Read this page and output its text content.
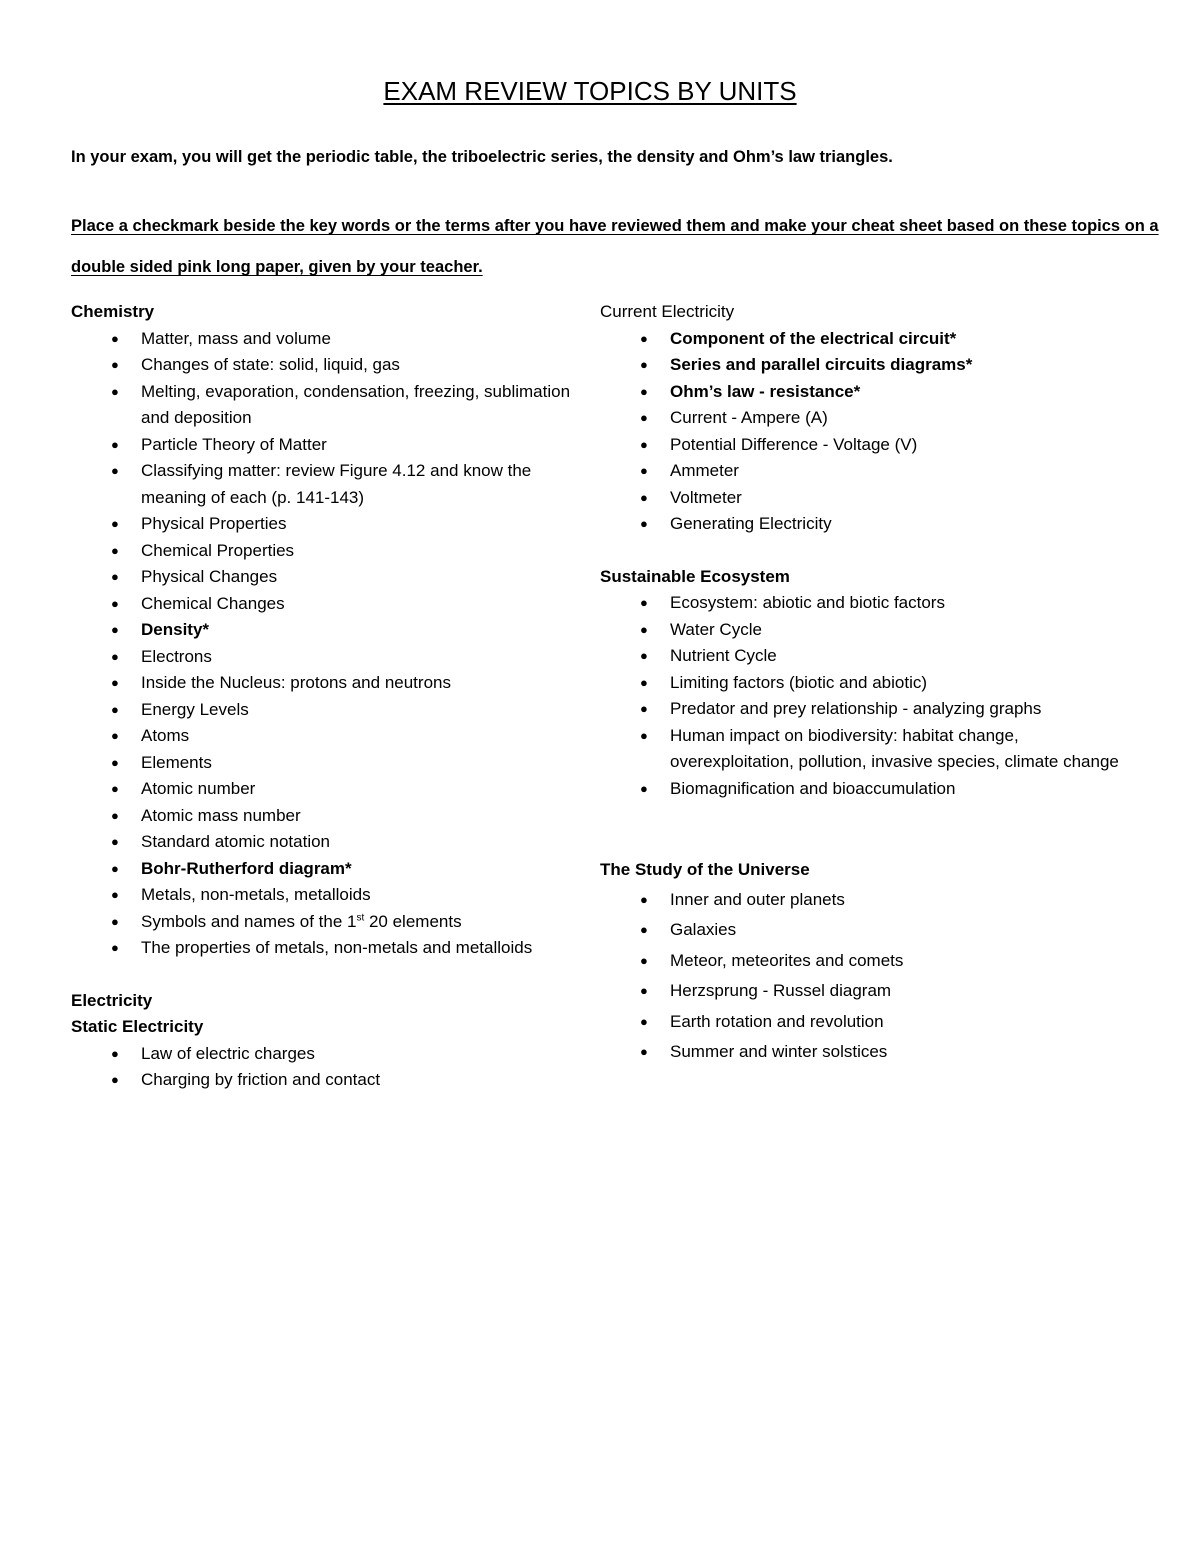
EXAM REVIEW TOPICS BY UNITS

In your exam, you will get the periodic table, the triboelectric series, the density and Ohm’s law triangles.

Place a checkmark beside the key words or the terms after you have reviewed them and make your cheat sheet based on these topics on a double sided pink long paper, given by your teacher.

Chemistry
● Matter, mass and volume
● Changes of state: solid, liquid, gas
● Melting, evaporation, condensation, freezing, sublimation and deposition
● Particle Theory of Matter
● Classifying matter: review Figure 4.12 and know the meaning of each (p. 141-143)
● Physical Properties
● Chemical Properties
● Physical Changes
● Chemical Changes
● Density*
● Electrons
● Inside the Nucleus: protons and neutrons
● Energy Levels
● Atoms
● Elements
● Atomic number
● Atomic mass number
● Standard atomic notation
● Bohr-Rutherford diagram*
● Metals, non-metals, metalloids
● Symbols and names of the 1st 20 elements
● The properties of metals, non-metals and metalloids
Electricity
Static Electricity
● Law of electric charges
● Charging by friction and contact
Current Electricity
● Component of the electrical circuit*
● Series and parallel circuits diagrams*
● Ohm’s law - resistance*
● Current - Ampere (A)
● Potential Difference - Voltage (V)
● Ammeter
● Voltmeter
● Generating Electricity
Sustainable Ecosystem
● Ecosystem: abiotic and biotic factors
● Water Cycle
● Nutrient Cycle
● Limiting factors (biotic and abiotic)
● Predator and prey relationship - analyzing graphs
● Human impact on biodiversity: habitat change, overexploitation, pollution, invasive species, climate change
● Biomagnification and bioaccumulation
The Study of the Universe
● Inner and outer planets
● Galaxies
● Meteor, meteorites and comets
● Herzsprung - Russel diagram
● Earth rotation and revolution
● Summer and winter solstices
